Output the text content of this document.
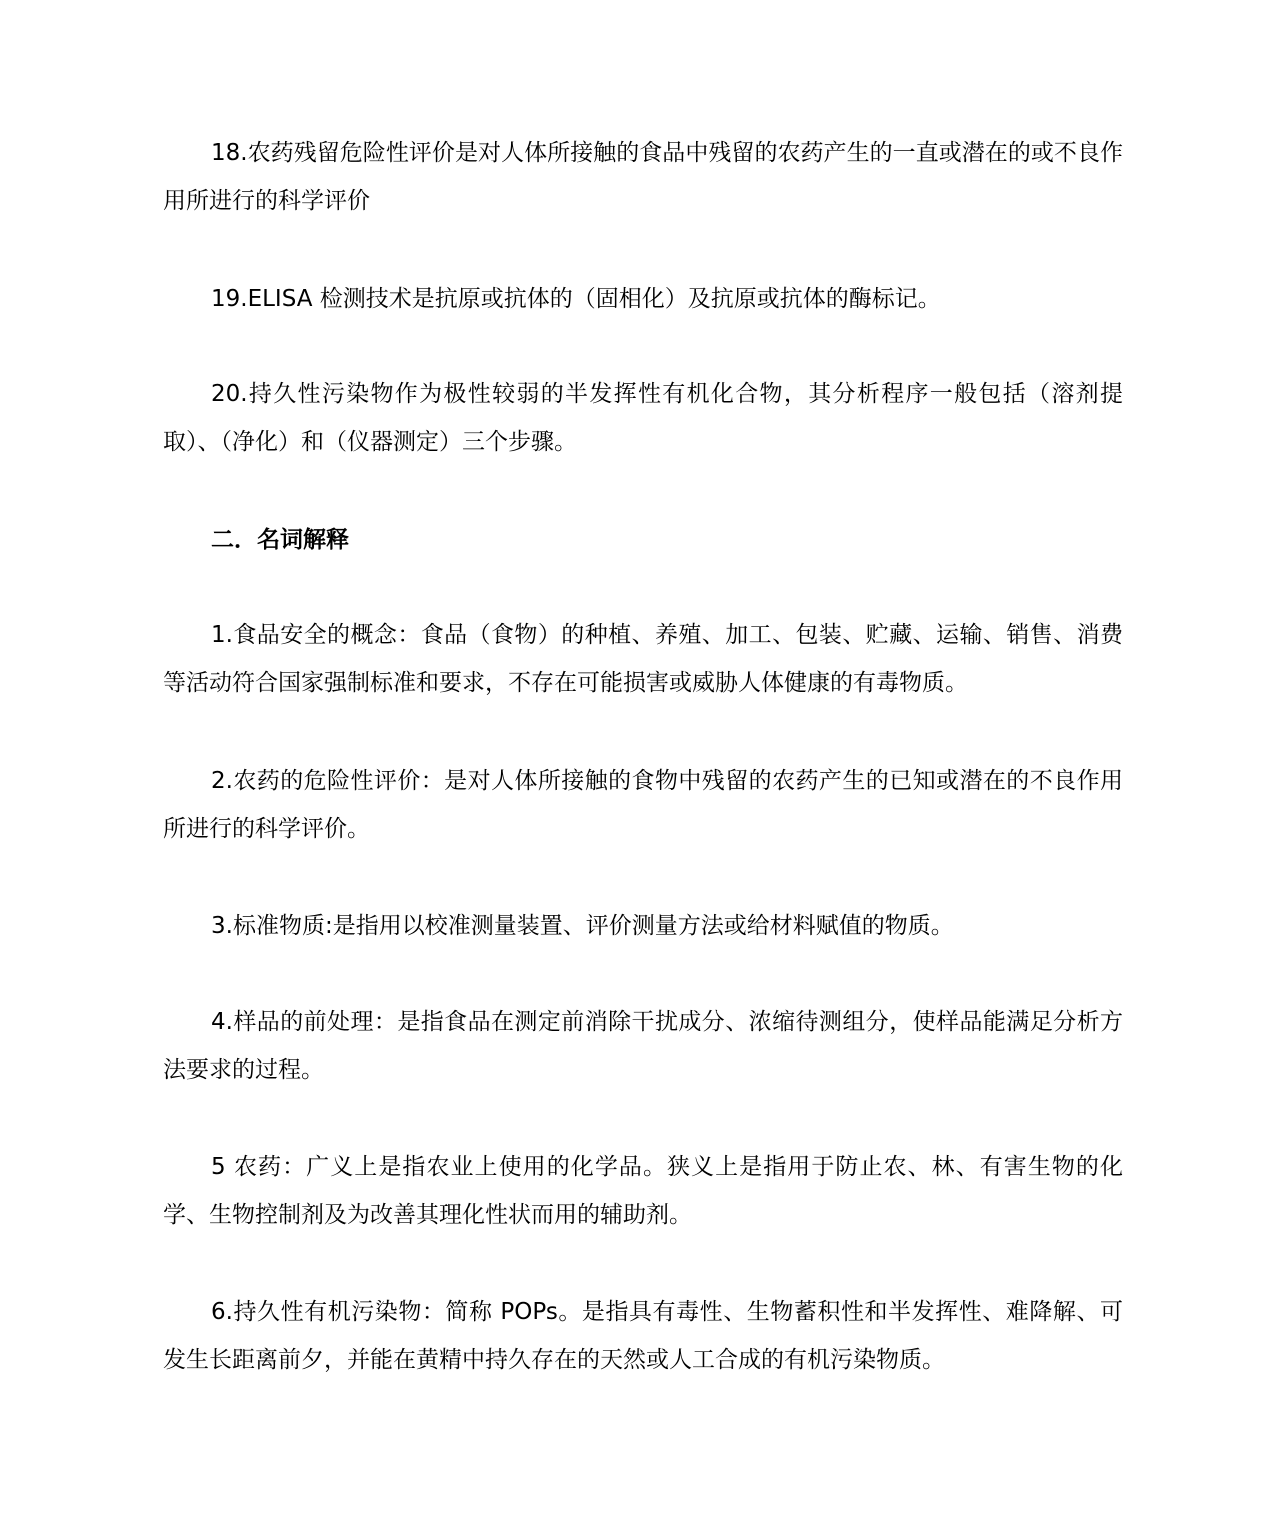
18.农药残留危险性评价是对人体所接触的食品中残留的农药产生的一直或潜在的或不良作用所进行的科学评价

19.ELISA 检测技术是抗原或抗体的（固相化）及抗原或抗体的酶标记。

20.持久性污染物作为极性较弱的半发挥性有机化合物，其分析程序一般包括（溶剂提取）、（净化）和（仪器测定）三个步骤。

二．名词解释

1.食品安全的概念：食品（食物）的种植、养殖、加工、包装、贮藏、运输、销售、消费等活动符合国家强制标准和要求，不存在可能损害或威胁人体健康的有毒物质。

2.农药的危险性评价：是对人体所接触的食物中残留的农药产生的已知或潜在的不良作用所进行的科学评价。

3.标准物质:是指用以校准测量装置、评价测量方法或给材料赋值的物质。

4.样品的前处理：是指食品在测定前消除干扰成分、浓缩待测组分，使样品能满足分析方法要求的过程。

5 农药：广义上是指农业上使用的化学品。狭义上是指用于防止农、林、有害生物的化学、生物控制剂及为改善其理化性状而用的辅助剂。

6.持久性有机污染物：简称 POPs。是指具有毒性、生物蓄积性和半发挥性、难降解、可发生长距离前夕，并能在黄精中持久存在的天然或人工合成的有机污染物质。
